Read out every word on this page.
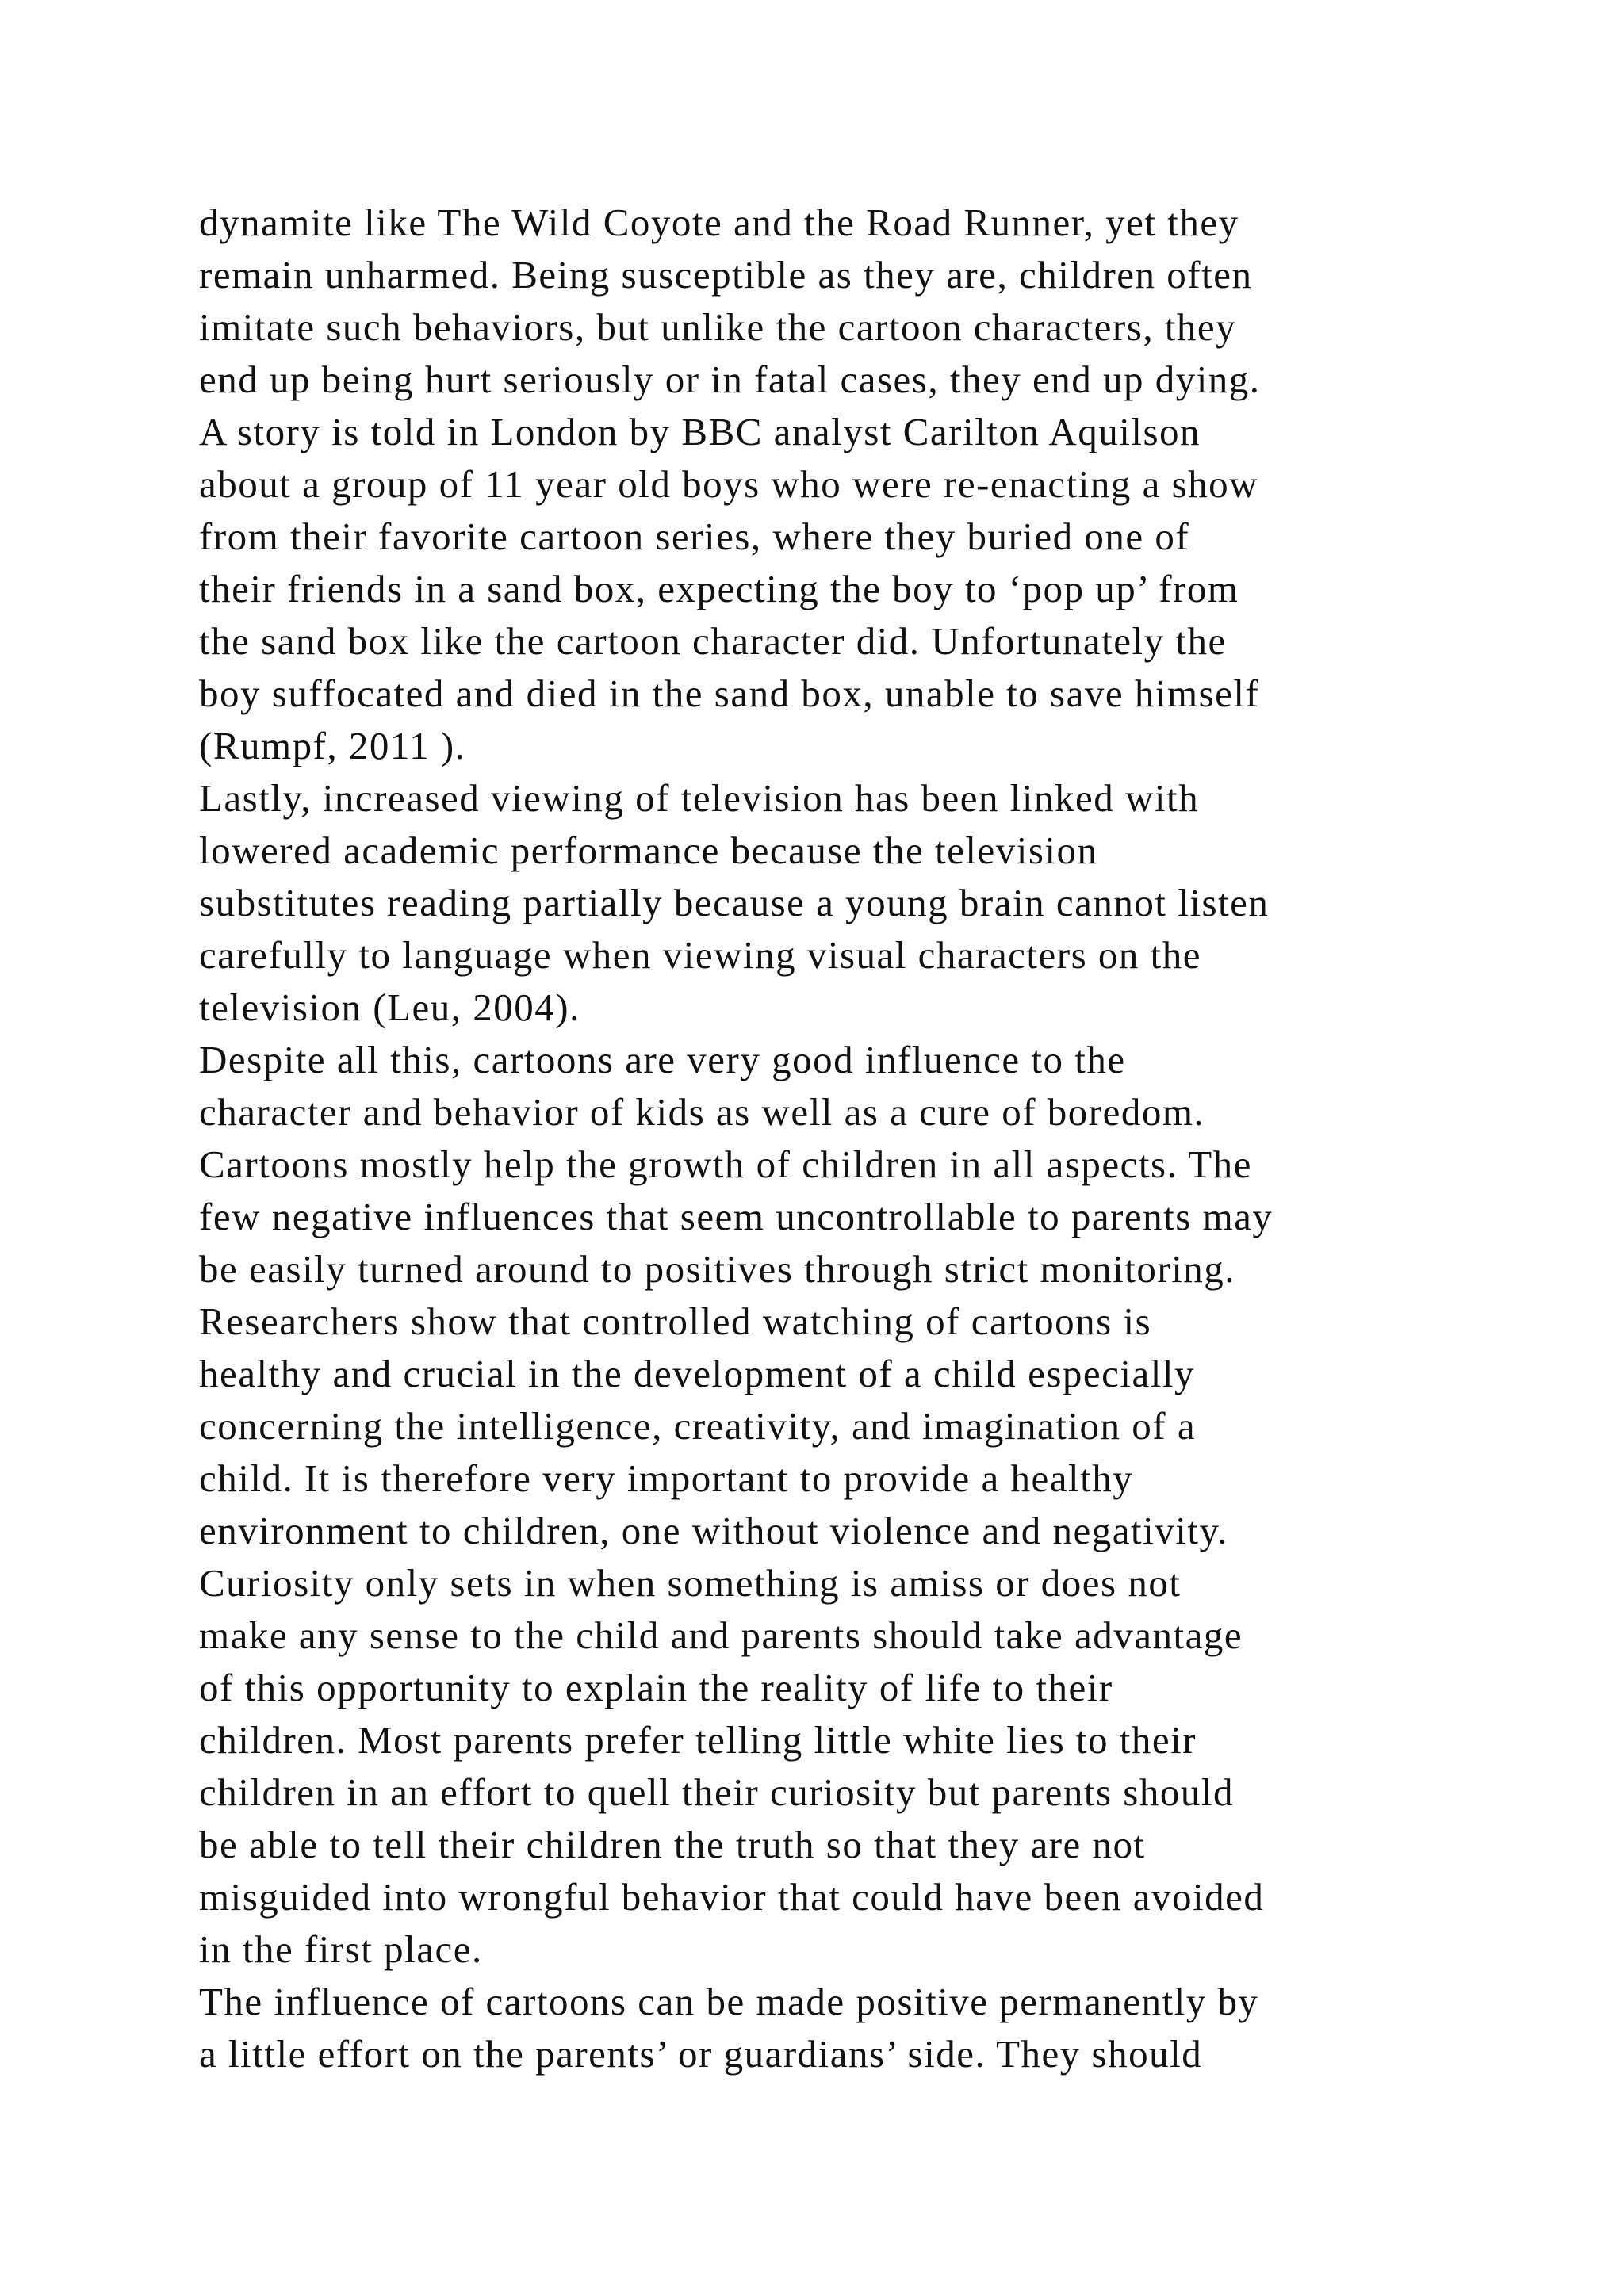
dynamite like The Wild Coyote and the Road Runner, yet they
remain unharmed. Being susceptible as they are, children often
imitate such behaviors, but unlike the cartoon characters, they
end up being hurt seriously or in fatal cases, they end up dying.
A story is told in London by BBC analyst Carilton Aquilson
about a group of 11 year old boys who were re-enacting a show
from their favorite cartoon series, where they buried one of
their friends in a sand box, expecting the boy to ‘pop up’ from
the sand box like the cartoon character did. Unfortunately the
boy suffocated and died in the sand box, unable to save himself
(Rumpf, 2011 ).
Lastly, increased viewing of television has been linked with
lowered academic performance because the television
substitutes reading partially because a young brain cannot listen
carefully to language when viewing visual characters on the
television (Leu, 2004).
Despite all this, cartoons are very good influence to the
character and behavior of kids as well as a cure of boredom.
Cartoons mostly help the growth of children in all aspects. The
few negative influences that seem uncontrollable to parents may
be easily turned around to positives through strict monitoring.
Researchers show that controlled watching of cartoons is
healthy and crucial in the development of a child especially
concerning the intelligence, creativity, and imagination of a
child. It is therefore very important to provide a healthy
environment to children, one without violence and negativity.
Curiosity only sets in when something is amiss or does not
make any sense to the child and parents should take advantage
of this opportunity to explain the reality of life to their
children. Most parents prefer telling little white lies to their
children in an effort to quell their curiosity but parents should
be able to tell their children the truth so that they are not
misguided into wrongful behavior that could have been avoided
in the first place.
The influence of cartoons can be made positive permanently by
a little effort on the parents’ or guardians’ side. They should
